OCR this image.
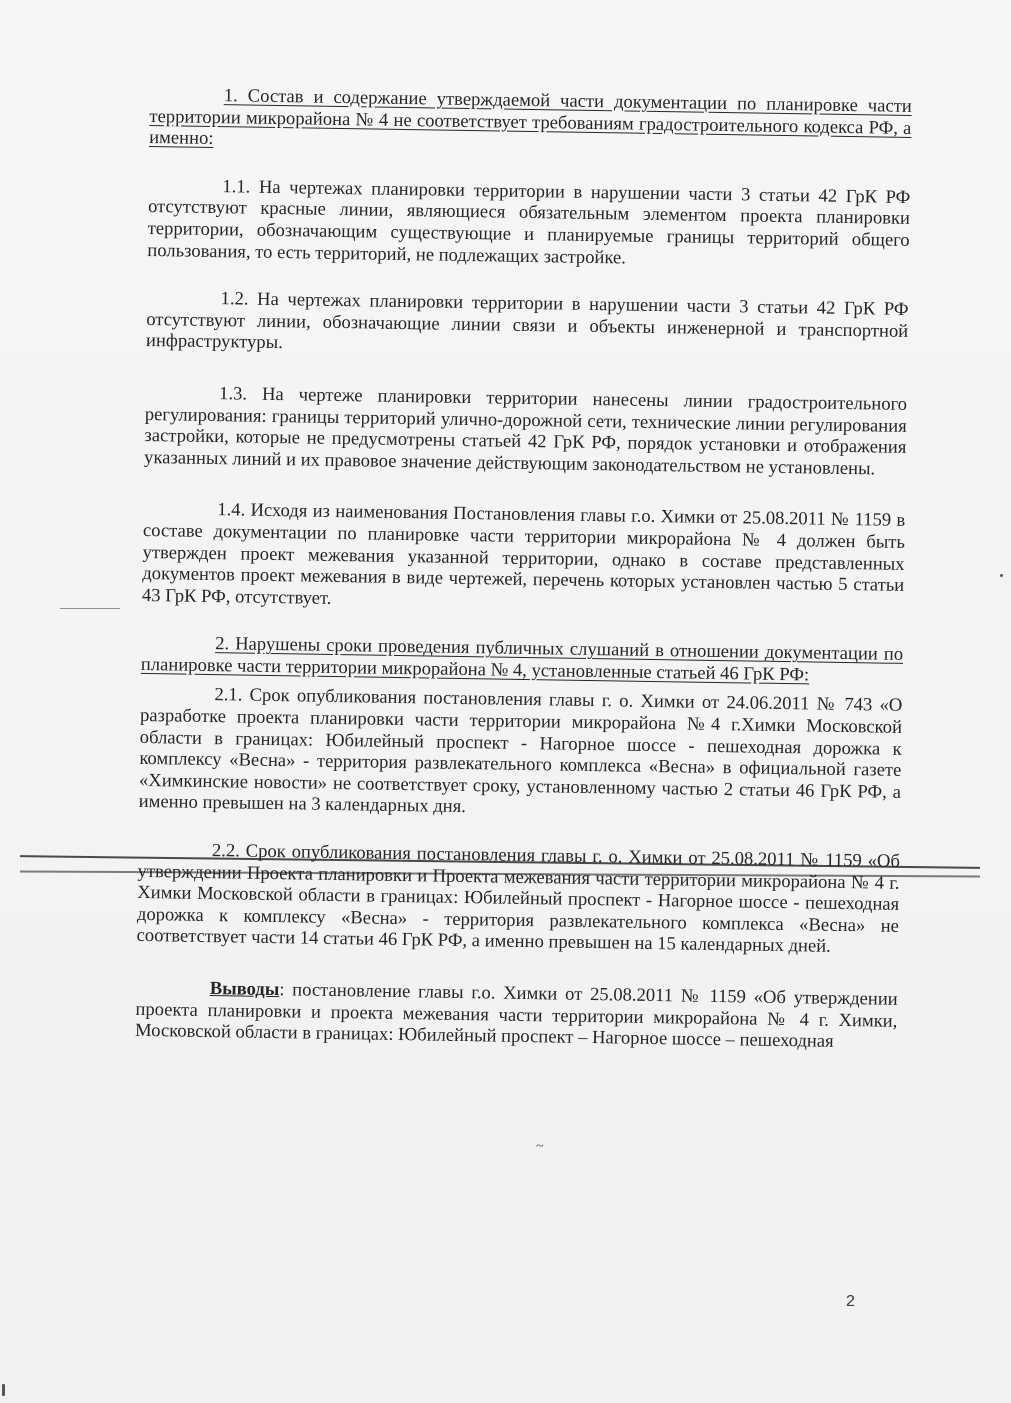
~

1. Состав и содержание утверждаемой части документации по планировке части территории микрорайона № 4 не соответствует требованиям градостроительного кодекса РФ, а именно:

1.1. На чертежах планировки территории в нарушении части 3 статьи 42 ГрК РФ отсутствуют красные линии, являющиеся обязательным элементом проекта планировки территории, обозначающим существующие и планируемые границы территорий общего пользования, то есть территорий, не подлежащих застройке.

1.2. На чертежах планировки территории в нарушении части 3 статьи 42 ГрК РФ отсутствуют линии, обозначающие линии связи и объекты инженерной и транспортной инфраструктуры.

1.3. На чертеже планировки территории нанесены линии градостроительного регулирования: границы территорий улично-дорожной сети, технические линии регулирования застройки, которые не предусмотрены статьей 42 ГрК РФ, порядок установки и отображения указанных линий и их правовое значение действующим законодательством не установлены.

1.4. Исходя из наименования Постановления главы г.о. Химки от 25.08.2011 № 1159 в составе документации по планировке части территории микрорайона № 4 должен быть утвержден проект межевания указанной территории, однако в составе представленных документов проект межевания в виде чертежей, перечень которых установлен частью 5 статьи 43 ГрК РФ, отсутствует.

2. Нарушены сроки проведения публичных слушаний в отношении документации по планировке части территории микрорайона № 4, установленные статьей 46 ГрК РФ:

2.1. Срок опубликования постановления главы г. о. Химки от 24.06.2011 № 743 «О разработке проекта планировки части территории микрорайона №4 г.Химки Московской области в границах: Юбилейный проспект - Нагорное шоссе - пешеходная дорожка к комплексу «Весна» - территория развлекательного комплекса «Весна» в официальной газете «Химкинские новости» не соответствует сроку, установленному частью 2 статьи 46 ГрК РФ, а именно превышен на 3 календарных дня.

2.2. Срок опубликования постановления главы г. о. Химки от 25.08.2011 № 1159 «Об утверждении Проекта планировки и Проекта межевания части территории микрорайона № 4 г. Химки Московской области в границах: Юбилейный проспект - Нагорное шоссе - пешеходная дорожка к комплексу «Весна» - территория развлекательного комплекса «Весна» не соответствует части 14 статьи 46 ГрК РФ, а именно превышен на 15 календарных дней.

Выводы: постановление главы г.о. Химки от 25.08.2011 № 1159 «Об утверждении проекта планировки и проекта межевания части территории микрорайона № 4 г. Химки, Московской области в границах: Юбилейный проспект – Нагорное шоссе – пешеходная

2
